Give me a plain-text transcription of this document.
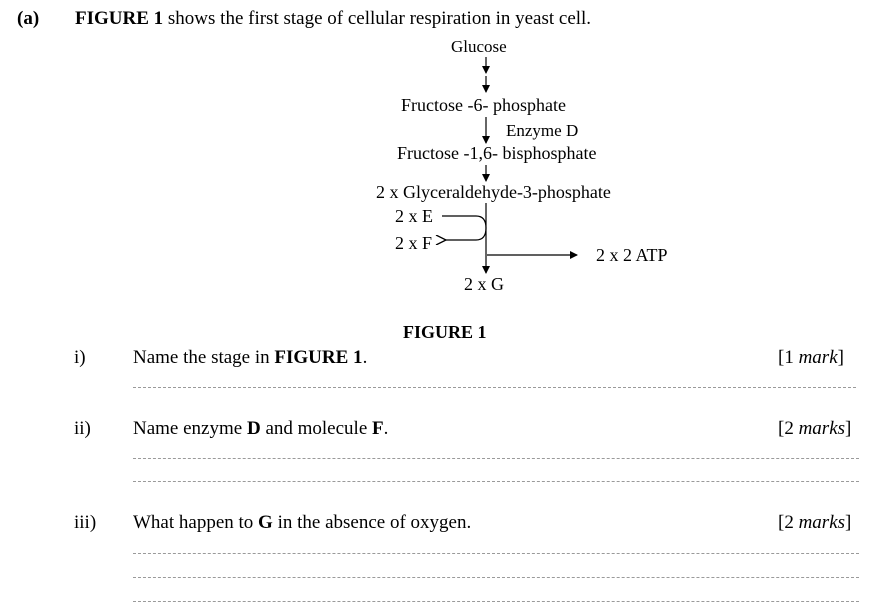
(a) FIGURE 1 shows the first stage of cellular respiration in yeast cell.
Glucose
Fructose -6- phosphate
Enzyme D
Fructose -1,6- bisphosphate
2 x Glyceraldehyde-3-phosphate
2 x E
2 x F
2 x 2 ATP
2 x G
FIGURE 1
i) Name the stage in FIGURE 1.	[1 mark]
ii) Name enzyme D and molecule F.	[2 marks]
iii) What happen to G in the absence of oxygen.	[2 marks]
